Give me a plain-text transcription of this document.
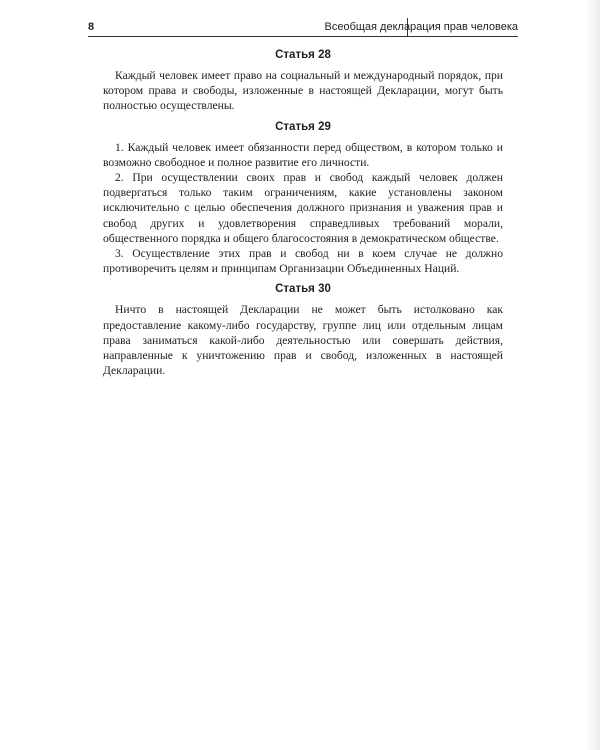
8	Всеобщая декларация прав человека
Статья 28

Каждый человек имеет право на социальный и международный порядок, при котором права и свободы, изложенные в настоящей Декларации, могут быть полностью осуществлены.

Статья 29

1. Каждый человек имеет обязанности перед обществом, в котором только и возможно свободное и полное развитие его личности.

2. При осуществлении своих прав и свобод каждый человек должен подвергаться только таким ограничениям, какие установлены законом исключительно с целью обеспечения должного признания и уважения прав и свобод других и удовлетворения справедливых требований морали, общественного порядка и общего благосостояния в демократическом обществе.

3. Осуществление этих прав и свобод ни в коем случае не должно противоречить целям и принципам Организации Объединенных Наций.

Статья 30

Ничто в настоящей Декларации не может быть истолковано как предоставление какому-либо государству, группе лиц или отдельным лицам права заниматься какой-либо деятельностью или совершать действия, направленные к уничтожению прав и свобод, изложенных в настоящей Декларации.
